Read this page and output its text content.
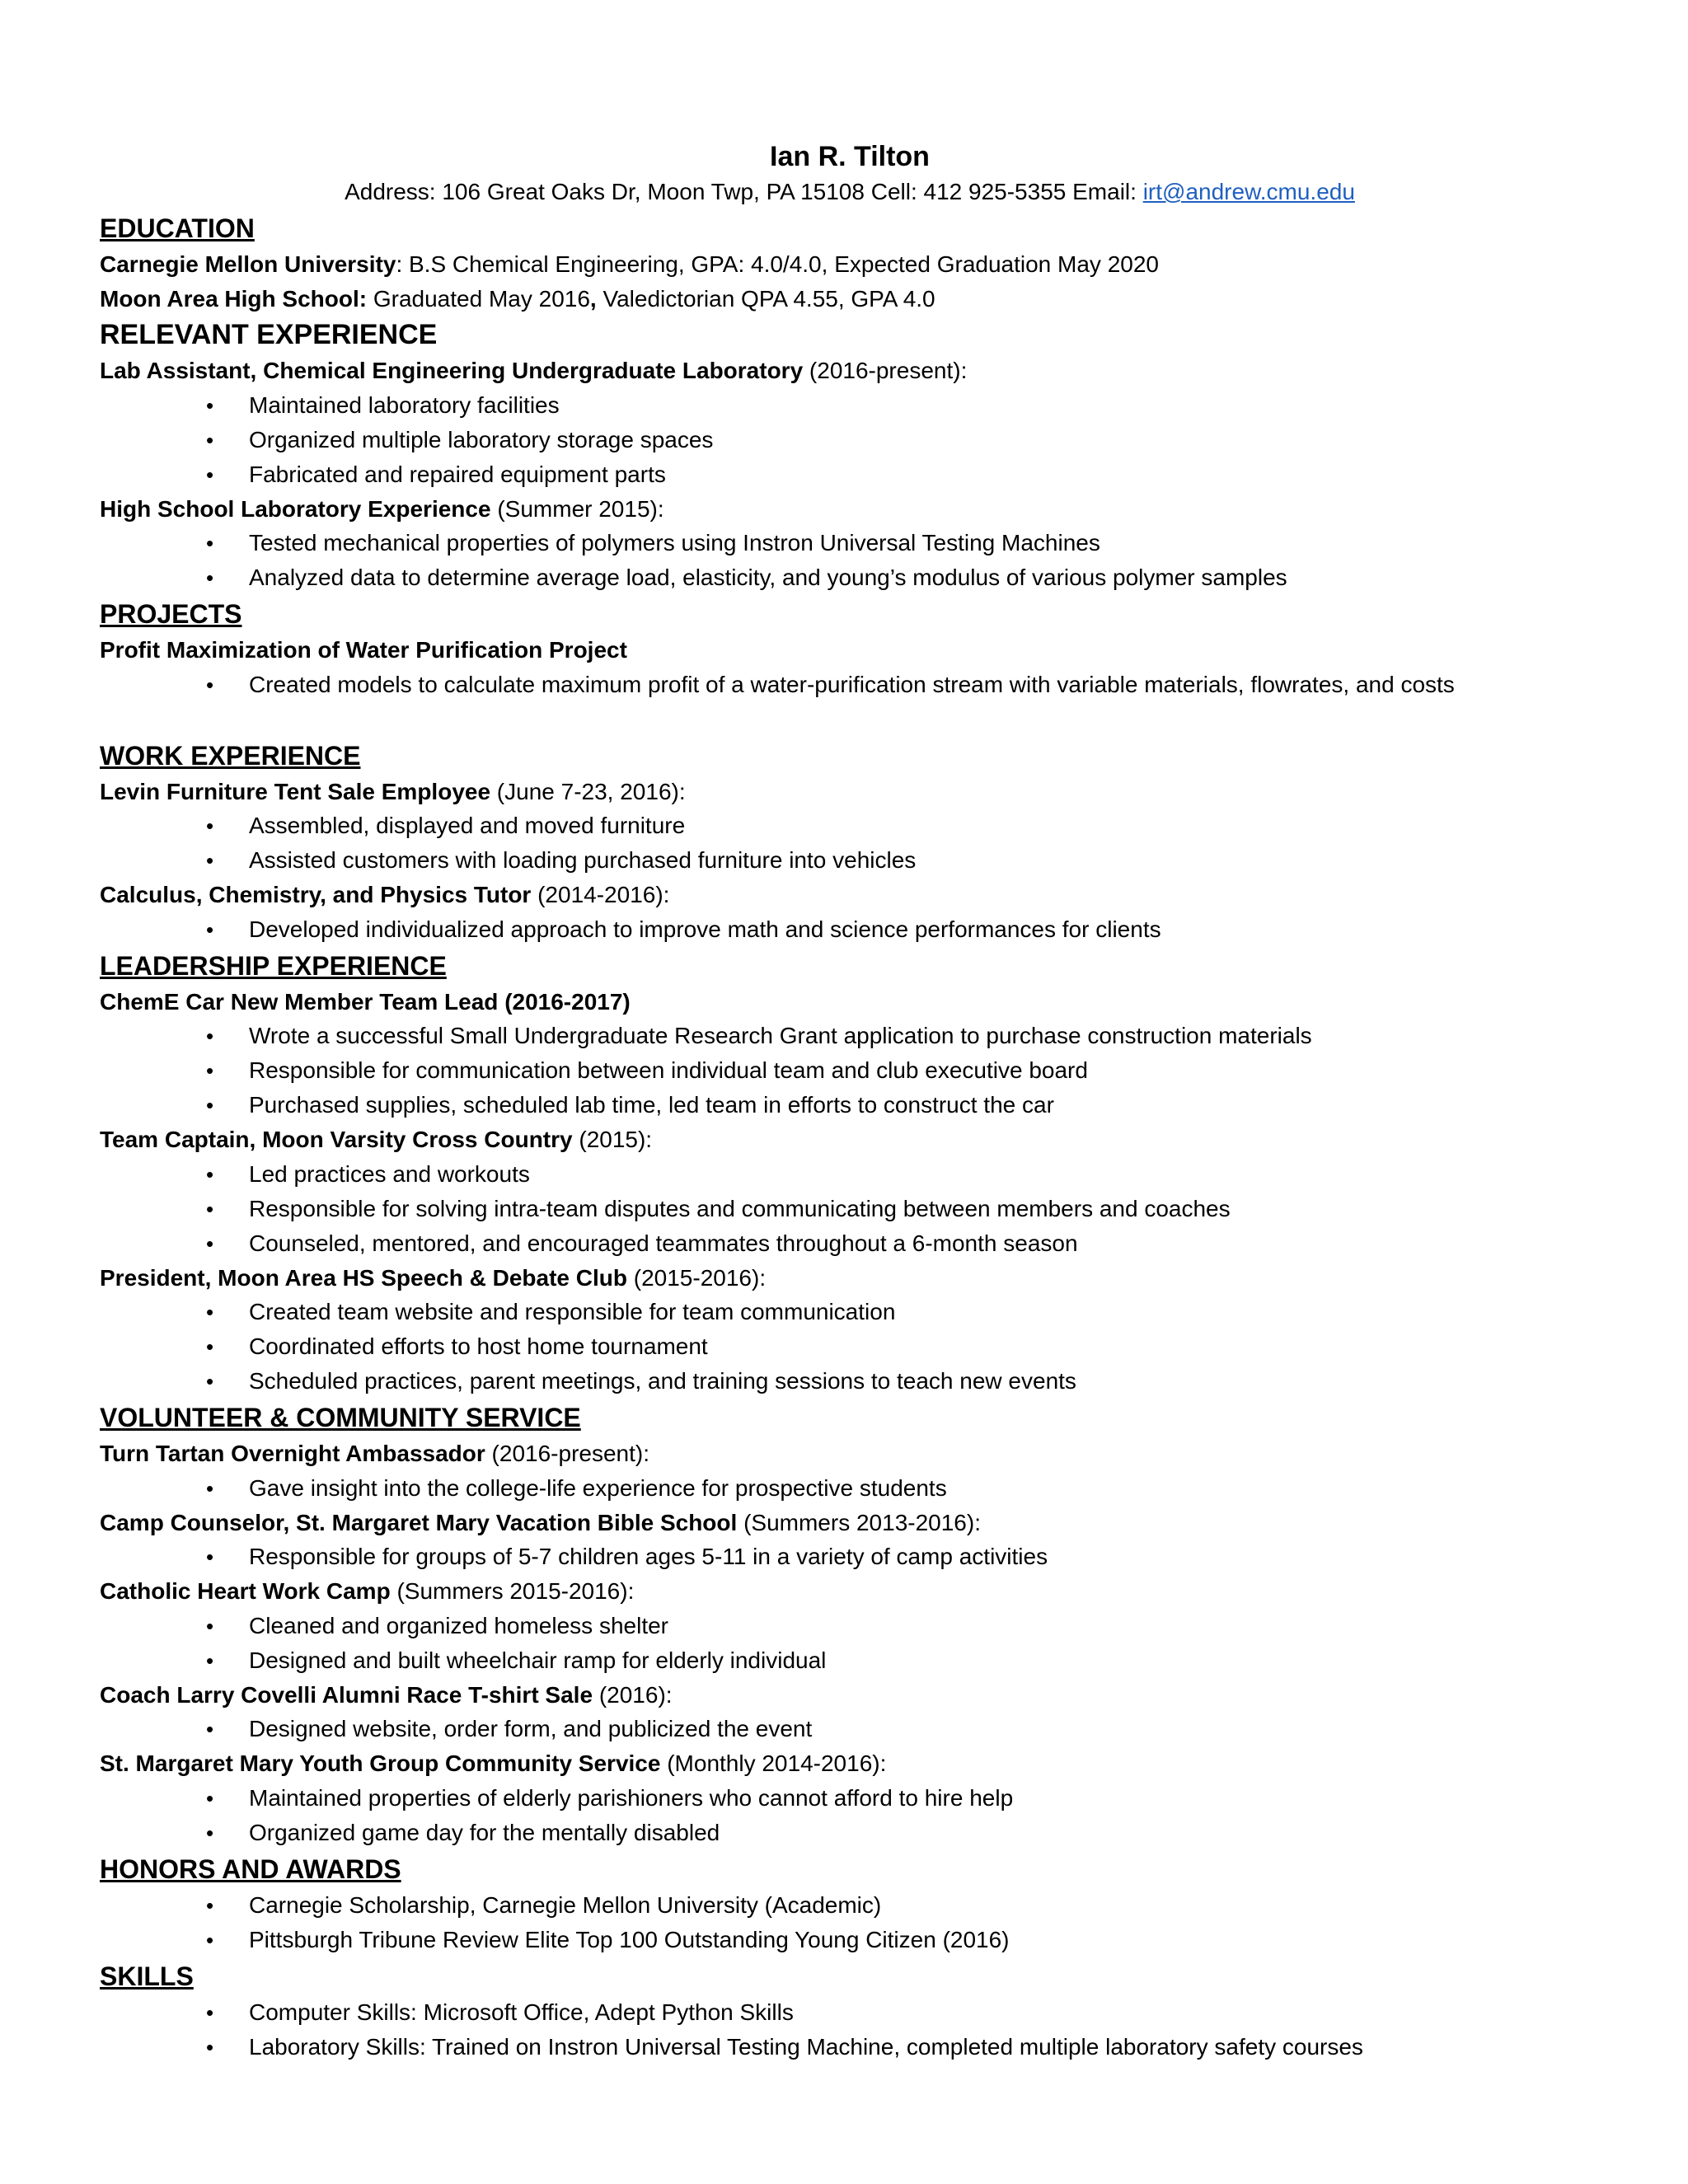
Ian R. Tilton
Address: 106 Great Oaks Dr, Moon Twp, PA 15108 Cell: 412 925-5355 Email: irt@andrew.cmu.edu
EDUCATION
Carnegie Mellon University: B.S Chemical Engineering, GPA: 4.0/4.0, Expected Graduation May 2020
Moon Area High School: Graduated May 2016, Valedictorian QPA 4.55, GPA 4.0
RELEVANT EXPERIENCE
Lab Assistant, Chemical Engineering Undergraduate Laboratory (2016-present):
• Maintained laboratory facilities
• Organized multiple laboratory storage spaces
• Fabricated and repaired equipment parts
High School Laboratory Experience (Summer 2015):
• Tested mechanical properties of polymers using Instron Universal Testing Machines
• Analyzed data to determine average load, elasticity, and young’s modulus of various polymer samples
PROJECTS
Profit Maximization of Water Purification Project
• Created models to calculate maximum profit of a water-purification stream with variable materials, flowrates, and costs
WORK EXPERIENCE
Levin Furniture Tent Sale Employee (June 7-23, 2016):
• Assembled, displayed and moved furniture
• Assisted customers with loading purchased furniture into vehicles
Calculus, Chemistry, and Physics Tutor (2014-2016):
• Developed individualized approach to improve math and science performances for clients
LEADERSHIP EXPERIENCE
ChemE Car New Member Team Lead (2016-2017)
• Wrote a successful Small Undergraduate Research Grant application to purchase construction materials
• Responsible for communication between individual team and club executive board
• Purchased supplies, scheduled lab time, led team in efforts to construct the car
Team Captain, Moon Varsity Cross Country (2015):
• Led practices and workouts
• Responsible for solving intra-team disputes and communicating between members and coaches
• Counseled, mentored, and encouraged teammates throughout a 6-month season
President, Moon Area HS Speech & Debate Club (2015-2016):
• Created team website and responsible for team communication
• Coordinated efforts to host home tournament
• Scheduled practices, parent meetings, and training sessions to teach new events
VOLUNTEER & COMMUNITY SERVICE
Turn Tartan Overnight Ambassador (2016-present):
• Gave insight into the college-life experience for prospective students
Camp Counselor, St. Margaret Mary Vacation Bible School (Summers 2013-2016):
• Responsible for groups of 5-7 children ages 5-11 in a variety of camp activities
Catholic Heart Work Camp (Summers 2015-2016):
• Cleaned and organized homeless shelter
• Designed and built wheelchair ramp for elderly individual
Coach Larry Covelli Alumni Race T-shirt Sale (2016):
• Designed website, order form, and publicized the event
St. Margaret Mary Youth Group Community Service (Monthly 2014-2016):
• Maintained properties of elderly parishioners who cannot afford to hire help
• Organized game day for the mentally disabled
HONORS AND AWARDS
• Carnegie Scholarship, Carnegie Mellon University (Academic)
• Pittsburgh Tribune Review Elite Top 100 Outstanding Young Citizen (2016)
SKILLS
• Computer Skills: Microsoft Office, Adept Python Skills
• Laboratory Skills: Trained on Instron Universal Testing Machine, completed multiple laboratory safety courses
